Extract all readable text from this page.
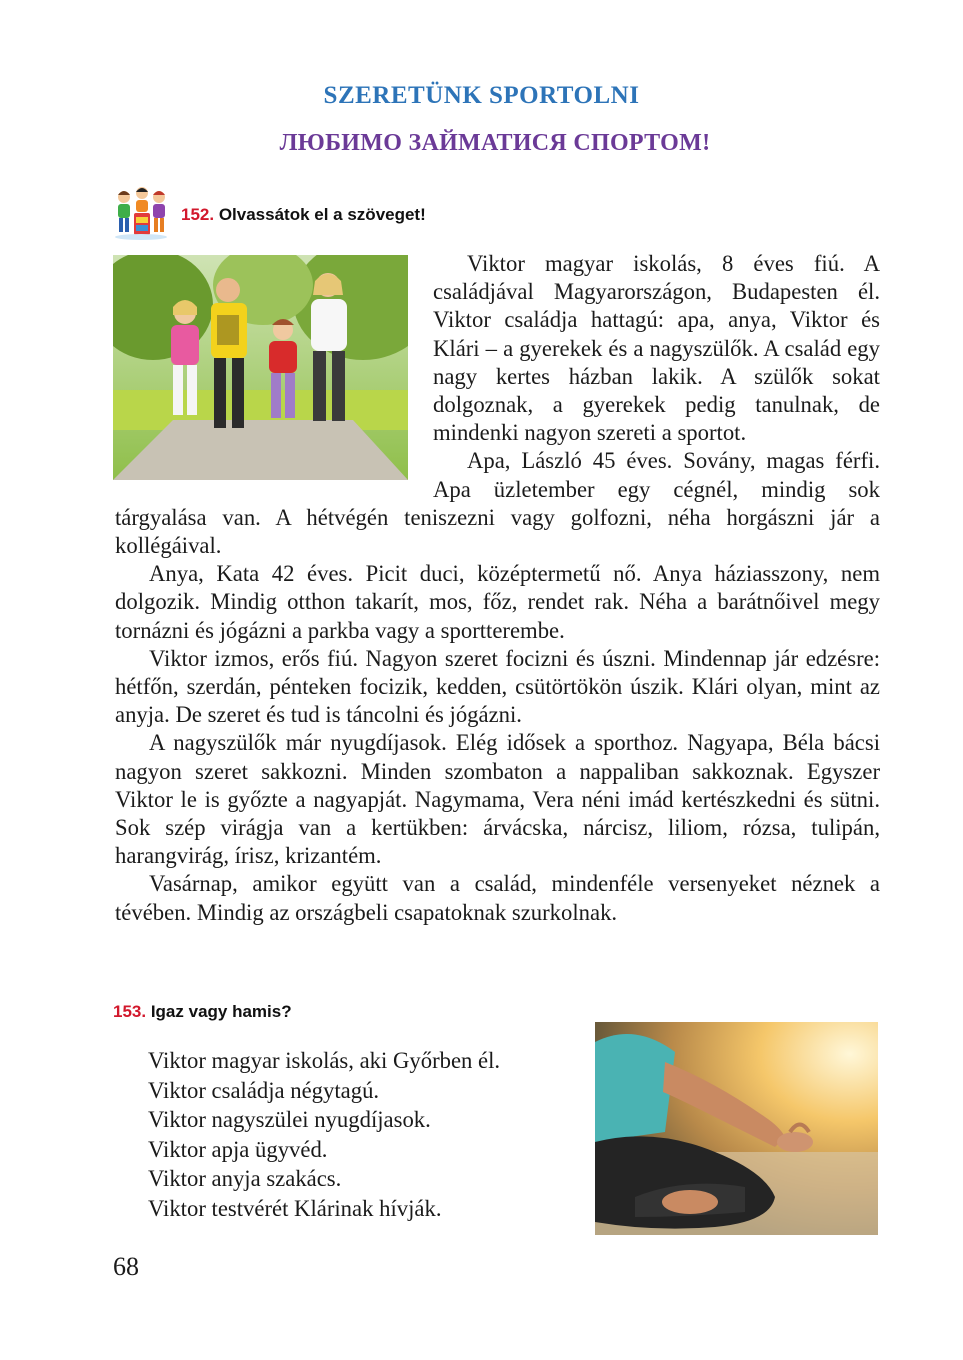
SZERETÜNK SPORTOLNI
ЛЮБИМО ЗАЙМАТИСЯ СПОРТОМ!
152. Olvassátok el a szöveget!

Viktor magyar iskolás, 8 éves fiú. A családjával Magyarországon, Budapesten él. Viktor családja hattagú: apa, anya, Viktor és Klári – a gyerekek és a nagyszülők. A család egy nagy kertes házban lakik. A szülők sokat dolgoznak, a gyerekek pedig tanulnak, de mindenki nagyon szereti a sportot.

Apa, László 45 éves. Sovány, magas férfi. Apa üzletember egy cégnél, mindig sok tárgyalása van. A hétvégén teniszezni vagy golfozni, néha horgászni jár a kollégáival.

Anya, Kata 42 éves. Picit duci, középtermetű nő. Anya háziasszony, nem dolgozik. Mindig otthon takarít, mos, főz, rendet rak. Néha a barátnőivel megy tornázni és jógázni a parkba vagy a sportterembe.

Viktor izmos, erős fiú. Nagyon szeret focizni és úszni. Mindennap jár edzésre: hétfőn, szerdán, pénteken focizik, kedden, csütörtökön úszik. Klári olyan, mint az anyja. De szeret és tud is táncolni és jógázni.

A nagyszülők már nyugdíjasok. Elég idősek a sporthoz. Nagyapa, Béla bácsi nagyon szeret sakkozni. Minden szombaton a nappaliban sakkoznak. Egyszer Viktor le is győzte a nagyapját. Nagymama, Vera néni imád kertészkedni és sütni. Sok szép virágja van a kertükben: árvácska, nárcisz, liliom, rózsa, tulipán, harangvirág, írisz, krizantém.

Vasárnap, amikor együtt van a család, mindenféle versenyeket néznek a tévében. Mindig az országbeli csapatoknak szurkolnak.

153. Igaz vagy hamis?
Viktor magyar iskolás, aki Győrben él.
Viktor családja négytagú.
Viktor nagyszülei nyugdíjasok.
Viktor apja ügyvéd.
Viktor anyja szakács.
Viktor testvérét Klárinak hívják.
68
